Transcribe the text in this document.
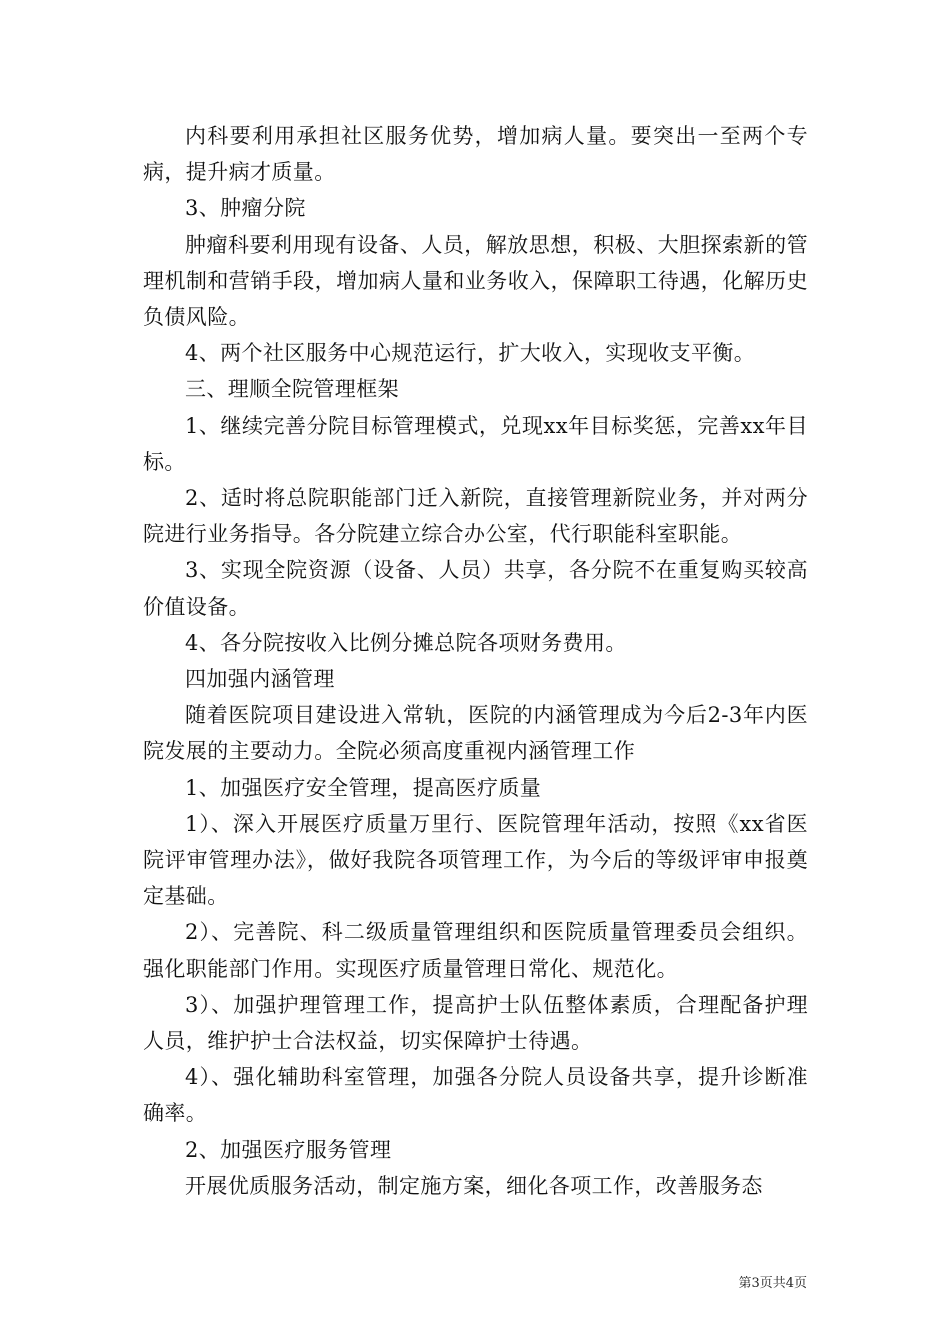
内科要利用承担社区服务优势，增加病人量。要突出一至两个专病，提升病才质量。

3、肿瘤分院

肿瘤科要利用现有设备、人员，解放思想，积极、大胆探索新的管理机制和营销手段，增加病人量和业务收入，保障职工待遇，化解历史负债风险。

4、两个社区服务中心规范运行，扩大收入，实现收支平衡。

三、理顺全院管理框架

1、继续完善分院目标管理模式，兑现xx年目标奖惩，完善xx年目标。

2、适时将总院职能部门迁入新院，直接管理新院业务，并对两分院进行业务指导。各分院建立综合办公室，代行职能科室职能。

3、实现全院资源（设备、人员）共享，各分院不在重复购买较高价值设备。

4、各分院按收入比例分摊总院各项财务费用。

四加强内涵管理

随着医院项目建设进入常轨，医院的内涵管理成为今后2-3年内医院发展的主要动力。全院必须高度重视内涵管理工作

1、加强医疗安全管理，提高医疗质量

1）、深入开展医疗质量万里行、医院管理年活动，按照《xx省医院评审管理办法》，做好我院各项管理工作，为今后的等级评审申报奠定基础。

2）、完善院、科二级质量管理组织和医院质量管理委员会组织。强化职能部门作用。实现医疗质量管理日常化、规范化。

3）、加强护理管理工作，提高护士队伍整体素质，合理配备护理人员，维护护士合法权益，切实保障护士待遇。

4）、强化辅助科室管理，加强各分院人员设备共享，提升诊断准确率。

2、加强医疗服务管理

开展优质服务活动，制定施方案，细化各项工作，改善服务态

第3页共4页
